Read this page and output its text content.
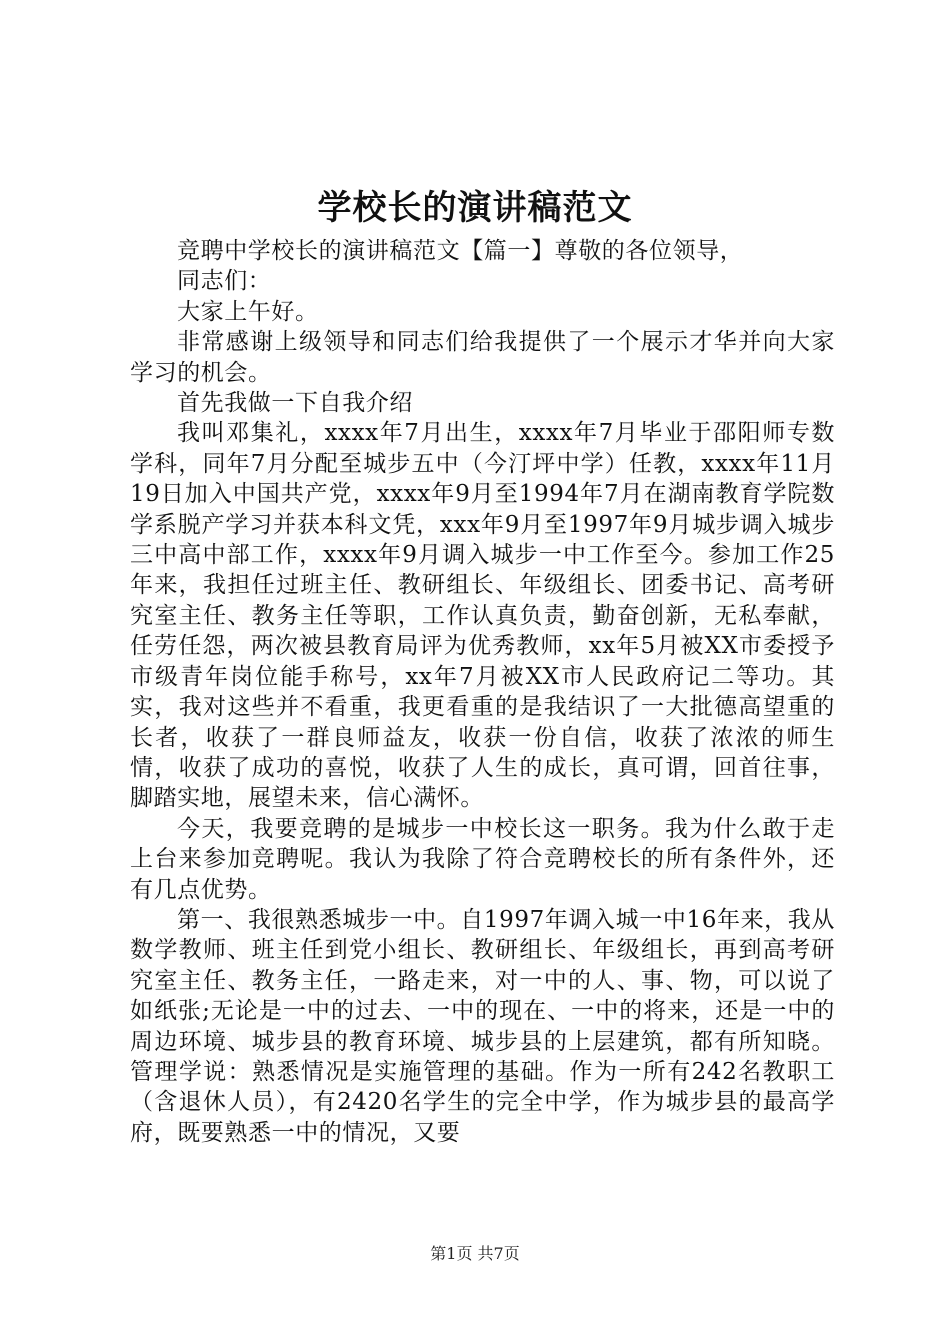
学校长的演讲稿范文

竞聘中学校长的演讲稿范文【篇一】尊敬的各位领导，

同志们：

大家上午好。

非常感谢上级领导和同志们给我提供了一个展示才华并向大家学习的机会。

首先我做一下自我介绍

我叫邓集礼，xxxx年7月出生，xxxx年7月毕业于邵阳师专数学科，同年7月分配至城步五中（今汀坪中学）任教，xxxx年11月19日加入中国共产党，xxxx年9月至1994年7月在湖南教育学院数学系脱产学习并获本科文凭，xxx年9月至1997年9月城步调入城步三中高中部工作，xxxx年9月调入城步一中工作至今。参加工作25年来，我担任过班主任、教研组长、年级组长、团委书记、高考研究室主任、教务主任等职，工作认真负责，勤奋创新，无私奉献，任劳任怨，两次被县教育局评为优秀教师，xx年5月被XX市委授予市级青年岗位能手称号，xx年7月被XX市人民政府记二等功。其实，我对这些并不看重，我更看重的是我结识了一大批德高望重的长者，收获了一群良师益友，收获一份自信，收获了浓浓的师生情，收获了成功的喜悦，收获了人生的成长，真可谓，回首往事，脚踏实地，展望未来，信心满怀。

今天，我要竞聘的是城步一中校长这一职务。我为什么敢于走上台来参加竞聘呢。我认为我除了符合竞聘校长的所有条件外，还有几点优势。

第一、我很熟悉城步一中。自1997年调入城一中16年来，我从数学教师、班主任到党小组长、教研组长、年级组长，再到高考研究室主任、教务主任，一路走来，对一中的人、事、物，可以说了如纸张;无论是一中的过去、一中的现在、一中的将来，还是一中的周边环境、城步县的教育环境、城步县的上层建筑，都有所知晓。管理学说：熟悉情况是实施管理的基础。作为一所有242名教职工（含退休人员），有2420名学生的完全中学，作为城步县的最高学府，既要熟悉一中的情况，又要

第1页 共7页
